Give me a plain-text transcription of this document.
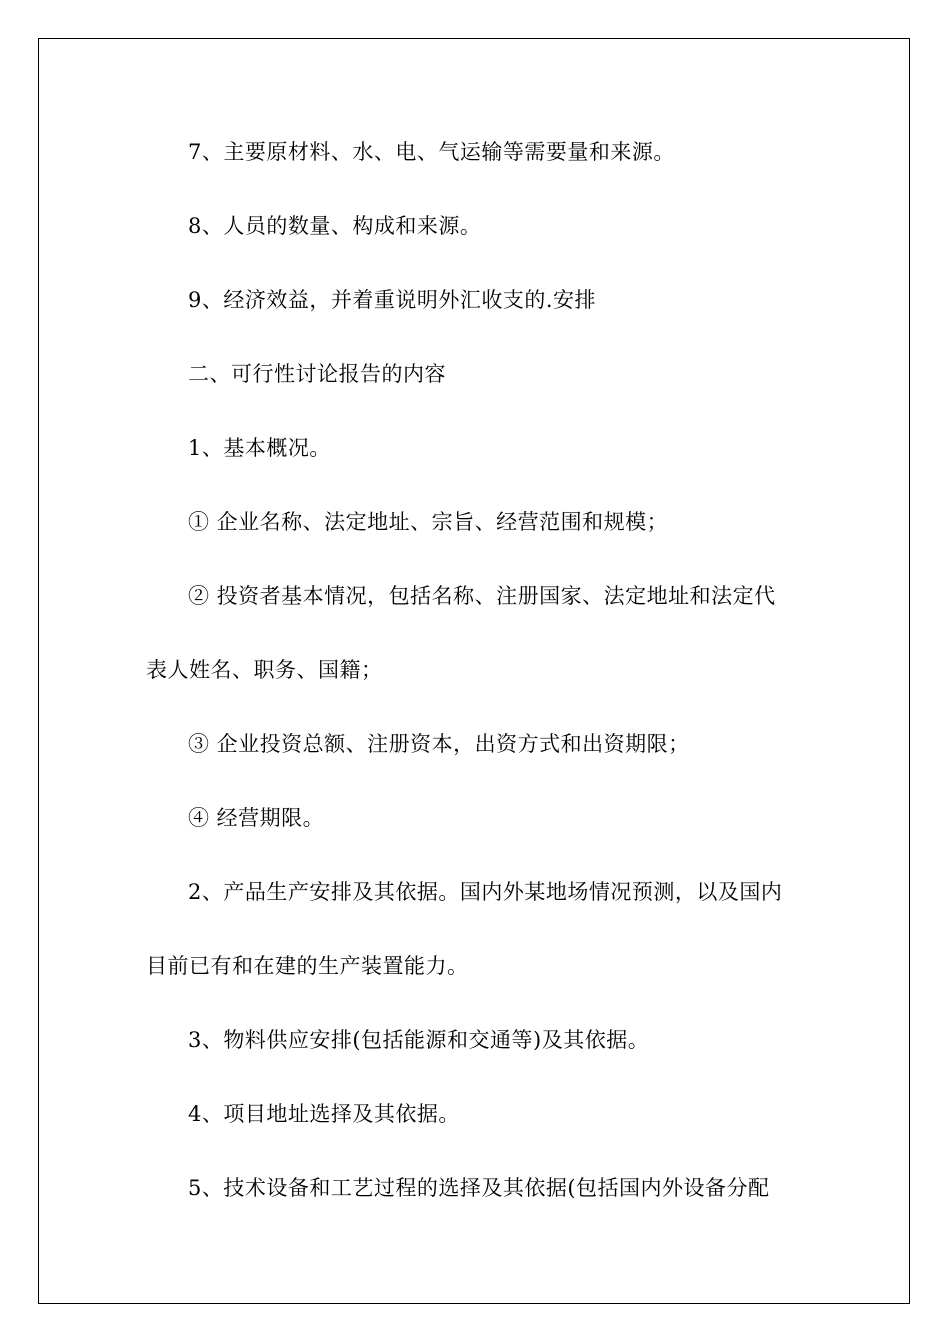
7、主要原材料、水、电、气运输等需要量和来源。
8、人员的数量、构成和来源。
9、经济效益，并着重说明外汇收支的.安排
二、可行性讨论报告的内容
1、基本概况。
① 企业名称、法定地址、宗旨、经营范围和规模；
② 投资者基本情况，包括名称、注册国家、法定地址和法定代
表人姓名、职务、国籍；
③ 企业投资总额、注册资本，出资方式和出资期限；
④ 经营期限。
2、产品生产安排及其依据。国内外某地场情况预测，以及国内
目前已有和在建的生产装置能力。
3、物料供应安排(包括能源和交通等)及其依据。
4、项目地址选择及其依据。
5、技术设备和工艺过程的选择及其依据(包括国内外设备分配
